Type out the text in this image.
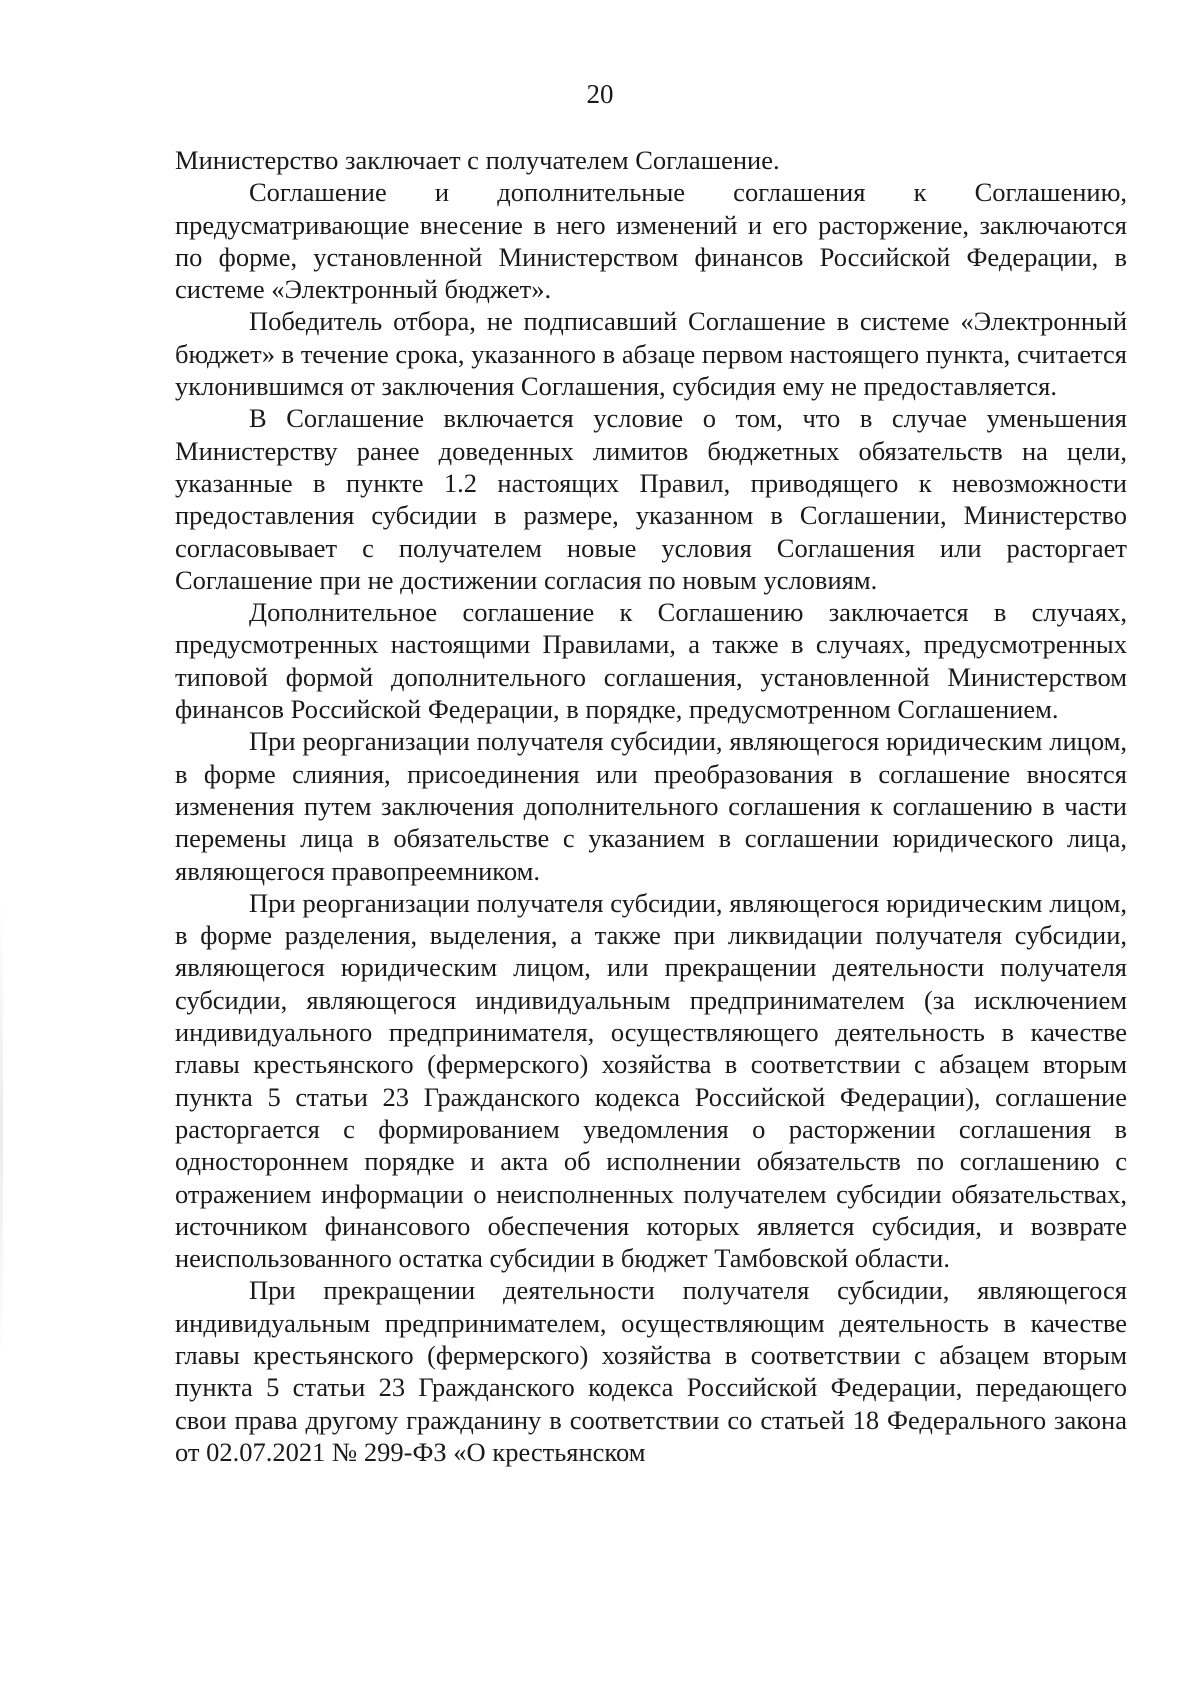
20

Министерство заключает с получателем Соглашение.

Соглашение и дополнительные соглашения к Соглашению, предусматривающие внесение в него изменений и его расторжение, заключаются по форме, установленной Министерством финансов Российской Федерации, в системе «Электронный бюджет».

Победитель отбора, не подписавший Соглашение в системе «Электронный бюджет» в течение срока, указанного в абзаце первом настоящего пункта, считается уклонившимся от заключения Соглашения, субсидия ему не предоставляется.

В Соглашение включается условие о том, что в случае уменьшения Министерству ранее доведенных лимитов бюджетных обязательств на цели, указанные в пункте 1.2 настоящих Правил, приводящего к невозможности предоставления субсидии в размере, указанном в Соглашении, Министерство согласовывает с получателем новые условия Соглашения или расторгает Соглашение при не достижении согласия по новым условиям.

Дополнительное соглашение к Соглашению заключается в случаях, предусмотренных настоящими Правилами, а также в случаях, предусмотренных типовой формой дополнительного соглашения, установленной Министерством финансов Российской Федерации, в порядке, предусмотренном Соглашением.

При реорганизации получателя субсидии, являющегося юридическим лицом, в форме слияния, присоединения или преобразования в соглашение вносятся изменения путем заключения дополнительного соглашения к соглашению в части перемены лица в обязательстве с указанием в соглашении юридического лица, являющегося правопреемником.

При реорганизации получателя субсидии, являющегося юридическим лицом, в форме разделения, выделения, а также при ликвидации получателя субсидии, являющегося юридическим лицом, или прекращении деятельности получателя субсидии, являющегося индивидуальным предпринимателем (за исключением индивидуального предпринимателя, осуществляющего деятельность в качестве главы крестьянского (фермерского) хозяйства в соответствии с абзацем вторым пункта 5 статьи 23 Гражданского кодекса Российской Федерации), соглашение расторгается с формированием уведомления о расторжении соглашения в одностороннем порядке и акта об исполнении обязательств по соглашению с отражением информации о неисполненных получателем субсидии обязательствах, источником финансового обеспечения которых является субсидия, и возврате неиспользованного остатка субсидии в бюджет Тамбовской области.

При прекращении деятельности получателя субсидии, являющегося индивидуальным предпринимателем, осуществляющим деятельность в качестве главы крестьянского (фермерского) хозяйства в соответствии с абзацем вторым пункта 5 статьи 23 Гражданского кодекса Российской Федерации, передающего свои права другому гражданину в соответствии со статьей 18 Федерального закона от 02.07.2021 № 299-ФЗ «О крестьянском
